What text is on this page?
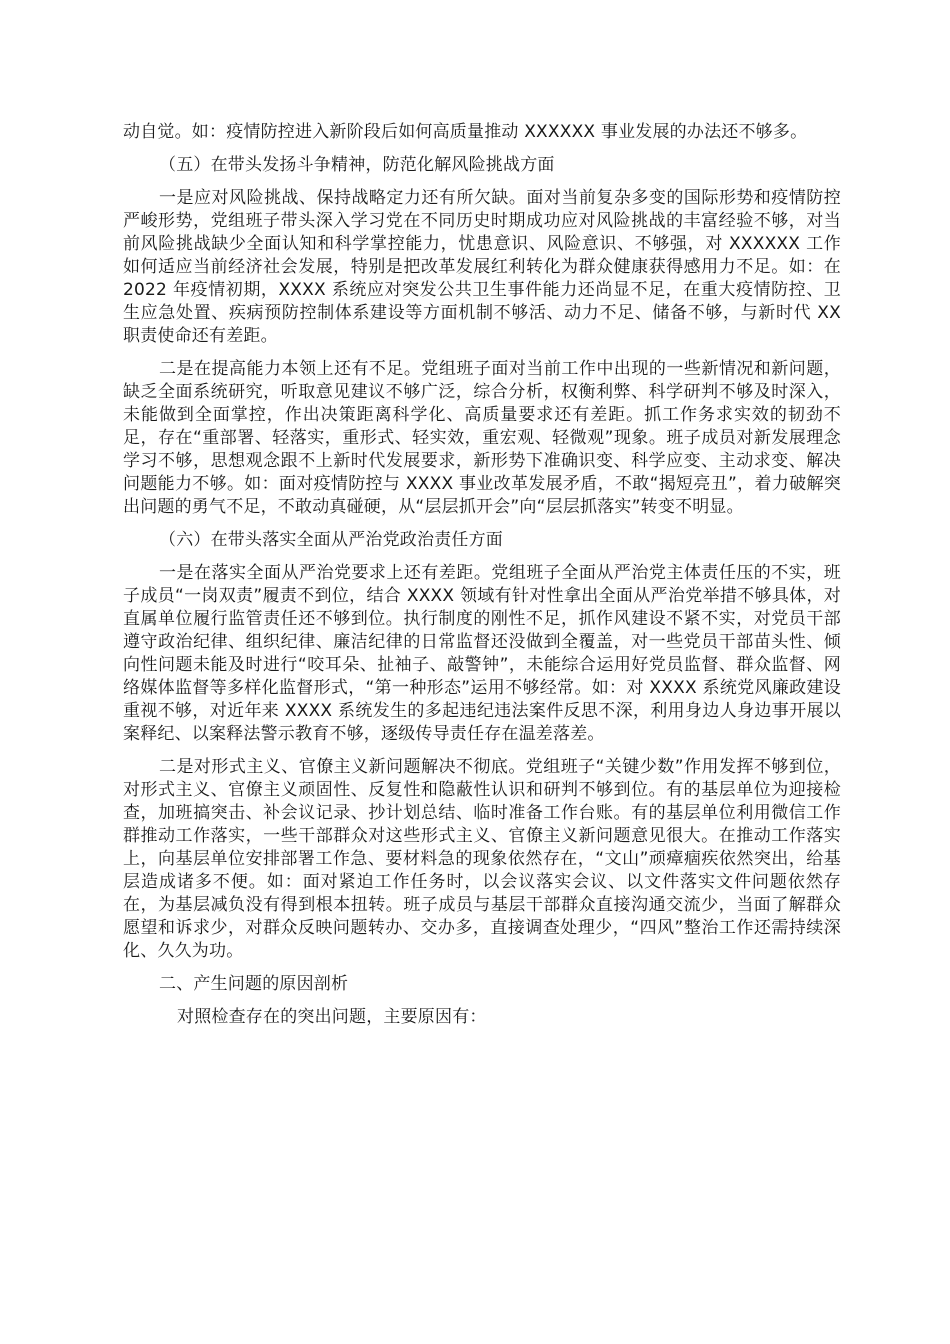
动自觉。如：疫情防控进入新阶段后如何高质量推动 XXXXXX 事业发展的办法还不够多。

（五）在带头发扬斗争精神，防范化解风险挑战方面

一是应对风险挑战、保持战略定力还有所欠缺。面对当前复杂多变的国际形势和疫情防控严峻形势，党组班子带头深入学习党在不同历史时期成功应对风险挑战的丰富经验不够，对当前风险挑战缺少全面认知和科学掌控能力，忧患意识、风险意识、不够强，对 XXXXXX 工作如何适应当前经济社会发展，特别是把改革发展红利转化为群众健康获得感用力不足。如：在 2022 年疫情初期，XXXX 系统应对突发公共卫生事件能力还尚显不足，在重大疫情防控、卫生应急处置、疾病预防控制体系建设等方面机制不够活、动力不足、储备不够，与新时代 XX 职责使命还有差距。

二是在提高能力本领上还有不足。党组班子面对当前工作中出现的一些新情况和新问题，缺乏全面系统研究，听取意见建议不够广泛，综合分析，权衡利弊、科学研判不够及时深入，未能做到全面掌控，作出决策距离科学化、高质量要求还有差距。抓工作务求实效的韧劲不足，存在“重部署、轻落实，重形式、轻实效，重宏观、轻微观”现象。班子成员对新发展理念学习不够，思想观念跟不上新时代发展要求，新形势下准确识变、科学应变、主动求变、解决问题能力不够。如：面对疫情防控与 XXXX 事业改革发展矛盾，不敢“揭短亮丑”，着力破解突出问题的勇气不足，不敢动真碰硬，从“层层抓开会”向“层层抓落实”转变不明显。

（六）在带头落实全面从严治党政治责任方面

一是在落实全面从严治党要求上还有差距。党组班子全面从严治党主体责任压的不实，班子成员“一岗双责”履责不到位，结合 XXXX 领域有针对性拿出全面从严治党举措不够具体，对直属单位履行监管责任还不够到位。执行制度的刚性不足，抓作风建设不紧不实，对党员干部遵守政治纪律、组织纪律、廉洁纪律的日常监督还没做到全覆盖，对一些党员干部苗头性、倾向性问题未能及时进行“咬耳朵、扯袖子、敲警钟”，未能综合运用好党员监督、群众监督、网络媒体监督等多样化监督形式，“第一种形态”运用不够经常。如：对 XXXX 系统党风廉政建设重视不够，对近年来 XXXX 系统发生的多起违纪违法案件反思不深，利用身边人身边事开展以案释纪、以案释法警示教育不够，逐级传导责任存在温差落差。

二是对形式主义、官僚主义新问题解决不彻底。党组班子“关键少数”作用发挥不够到位，对形式主义、官僚主义顽固性、反复性和隐蔽性认识和研判不够到位。有的基层单位为迎接检查，加班搞突击、补会议记录、抄计划总结、临时准备工作台账。有的基层单位利用微信工作群推动工作落实，一些干部群众对这些形式主义、官僚主义新问题意见很大。在推动工作落实上，向基层单位安排部署工作急、要材料急的现象依然存在，“文山”顽瘴痼疾依然突出，给基层造成诸多不便。如：面对紧迫工作任务时，以会议落实会议、以文件落实文件问题依然存在，为基层减负没有得到根本扭转。班子成员与基层干部群众直接沟通交流少，当面了解群众愿望和诉求少，对群众反映问题转办、交办多，直接调查处理少，“四风”整治工作还需持续深化、久久为功。

二、产生问题的原因剖析

对照检查存在的突出问题，主要原因有：
